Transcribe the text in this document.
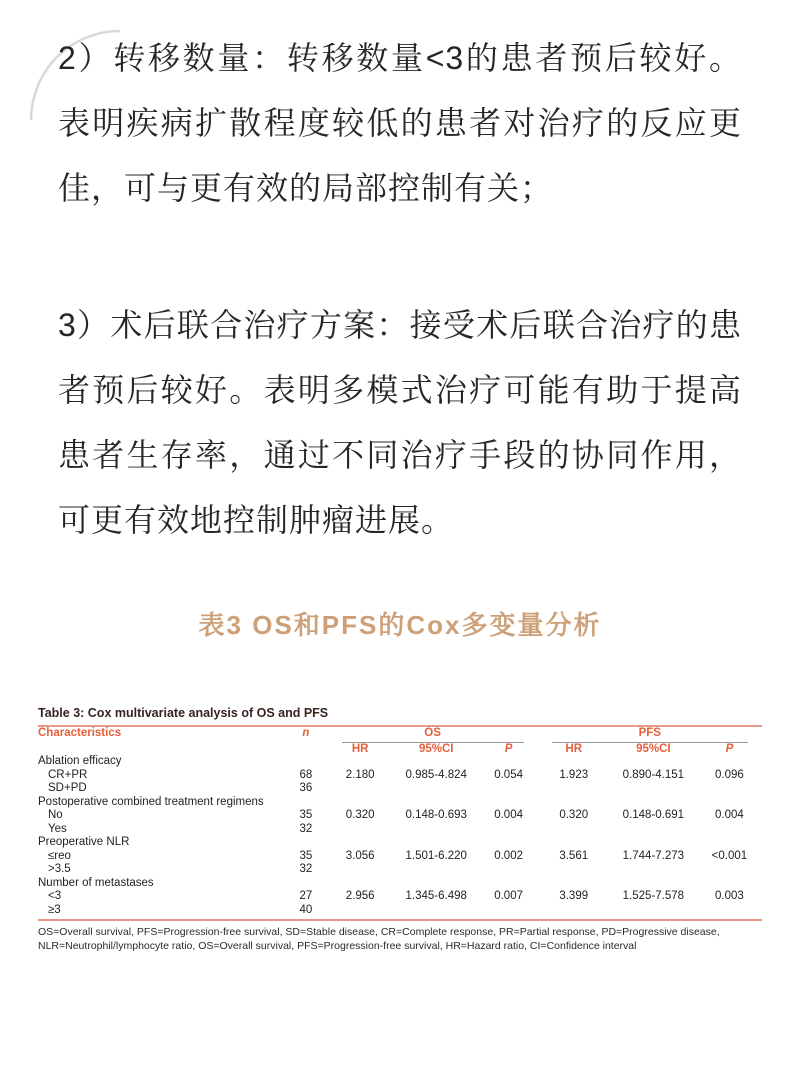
2）转移数量：转移数量<3的患者预后较好。表明疾病扩散程度较低的患者对治疗的反应更佳，可与更有效的局部控制有关；

3）术后联合治疗方案：接受术后联合治疗的患者预后较好。表明多模式治疗可能有助于提高患者生存率，通过不同治疗手段的协同作用，可更有效地控制肿瘤进展。

表3 OS和PFS的Cox多变量分析
Table 3: Cox multivariate analysis of OS and PFS
Characteristics	n	OS			PFS		

		HR	95%CI	P	HR	95%CI	P
Ablation efficacy							
CR+PR	68	2.180	0.985-4.824	0.054	1.923	0.890-4.151	0.096
SD+PD	36						
Postoperative combined treatment regimens							
No	35	0.320	0.148-0.693	0.004	0.320	0.148-0.691	0.004
Yes	32						
Preoperative NLR							
≤reo	35	3.056	1.501-6.220	0.002	3.561	1.744-7.273	<0.001
>3.5	32						
Number of metastases							
<3	27	2.956	1.345-6.498	0.007	3.399	1.525-7.578	0.003
≥3	40						
OS=Overall survival, PFS=Progression-free survival, SD=Stable disease, CR=Complete response, PR=Partial response, PD=Progressive disease, NLR=Neutrophil/lymphocyte ratio, OS=Overall survival, PFS=Progression-free survival, HR=Hazard ratio, CI=Confidence interval
